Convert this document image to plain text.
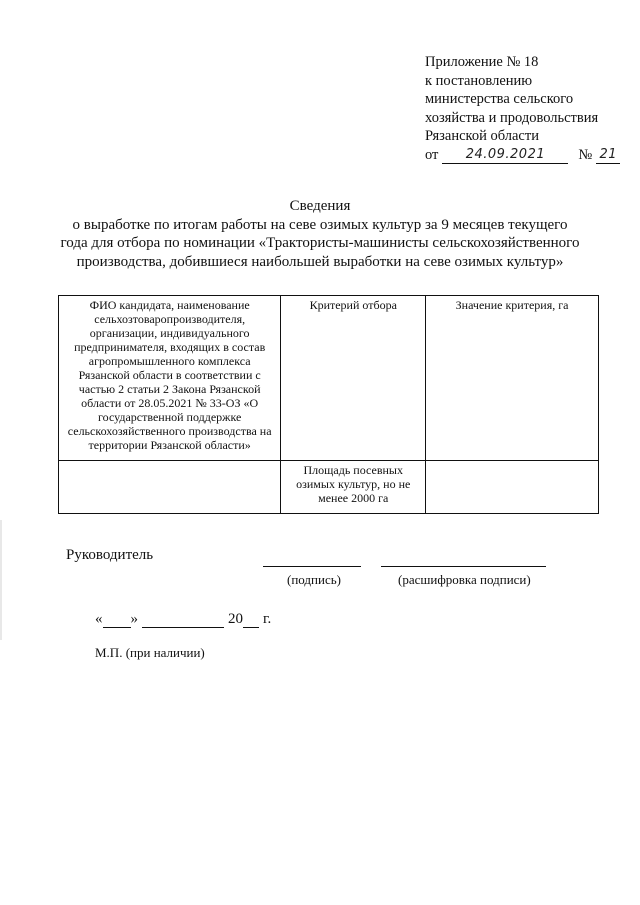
Приложение № 18
к постановлению
министерства сельского
хозяйства и продовольствия
Рязанской области
от	24.09.2021	№ 21
Сведения
о выработке по итогам работы на севе озимых культур за 9 месяцев текущего
года для отбора по номинации «Трактористы-машинисты сельскохозяйственного
производства, добившиеся наибольшей выработки на севе озимых культур»
ФИО кандидата, наименование сельхозтоваропроизводителя, организации, индивидуального предпринимателя, входящих в состав агропромышленного комплекса Рязанской области в соответствии с частью 2 статьи 2 Закона Рязанской области от 28.05.2021 № 33-ОЗ «О государственной поддержке сельскохозяйственного производства на территории Рязанской области»	Критерий отбора	Значение критерия, га
	Площадь посевных озимых культур, но не менее 2000 га	
Руководитель
(подпись)	(расшифровка подписи)
« »	20 г.
М.П. (при наличии)
